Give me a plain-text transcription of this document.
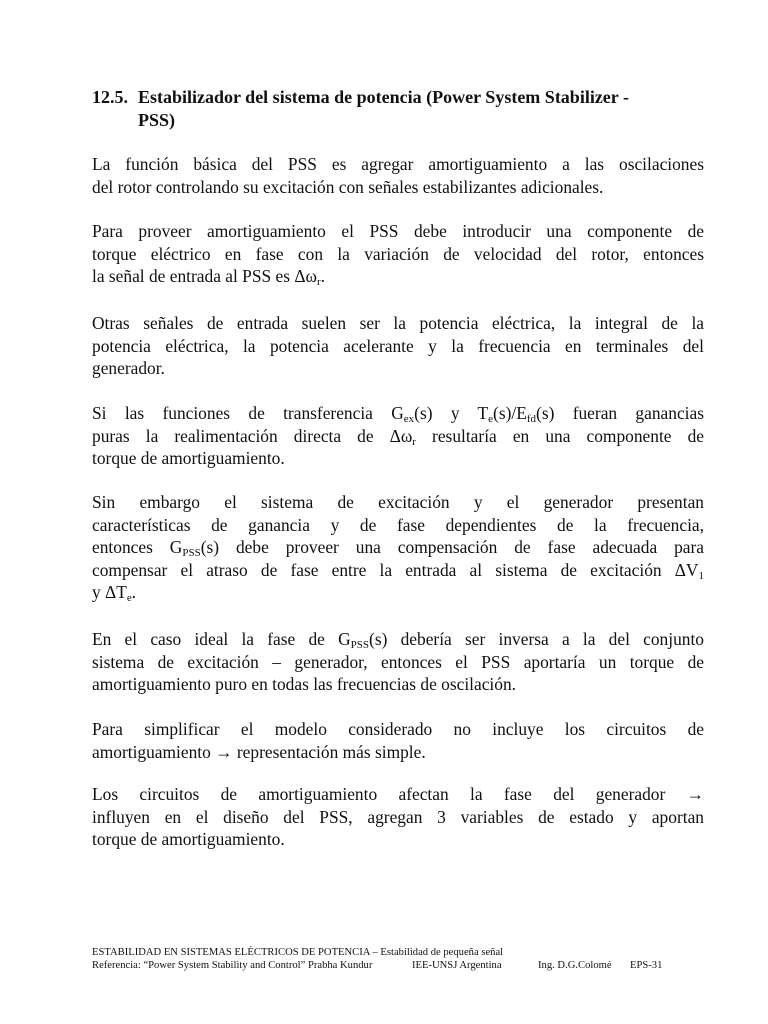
12.5. Estabilizador del sistema de potencia (Power System Stabilizer -
PSS)

La función básica del PSS es agregar amortiguamiento a las oscilaciones
del rotor controlando su excitación con señales estabilizantes adicionales.

Para proveer amortiguamiento el PSS debe introducir una componente de
torque eléctrico en fase con la variación de velocidad del rotor, entonces
la señal de entrada al PSS es $\Delta\omega_r$.

Otras señales de entrada suelen ser la potencia eléctrica, la integral de la
potencia eléctrica, la potencia acelerante y la frecuencia en terminales del
generador.

Si las funciones de transferencia $G_{ex}(s)$ y $T_e(s)/E_{fd}(s)$ fueran ganancias
puras la realimentación directa de $\Delta\omega_r$ resultaría en una componente de
torque de amortiguamiento.

Sin embargo el sistema de excitación y el generador presentan
características de ganancia y de fase dependientes de la frecuencia,
entonces $G_{PSS}(s)$ debe proveer una compensación de fase adecuada para
compensar el atraso de fase entre la entrada al sistema de excitación $\Delta V_1$
y $\Delta T_e$.

En el caso ideal la fase de $G_{PSS}(s)$ debería ser inversa a la del conjunto
sistema de excitación – generador, entonces el PSS aportaría un torque de
amortiguamiento puro en todas las frecuencias de oscilación.

Para simplificar el modelo considerado no incluye los circuitos de
amortiguamiento → representación más simple.

Los circuitos de amortiguamiento afectan la fase del generador →
influyen en el diseño del PSS, agregan 3 variables de estado y aportan
torque de amortiguamiento.

ESTABILIDAD EN SISTEMAS ELÉCTRICOS DE POTENCIA – Estabilidad de pequeña señal
Referencia: “Power System Stability and Control” Prabha Kundur	IEE-UNSJ Argentina	Ing. D.G.Colomé EPS-31
